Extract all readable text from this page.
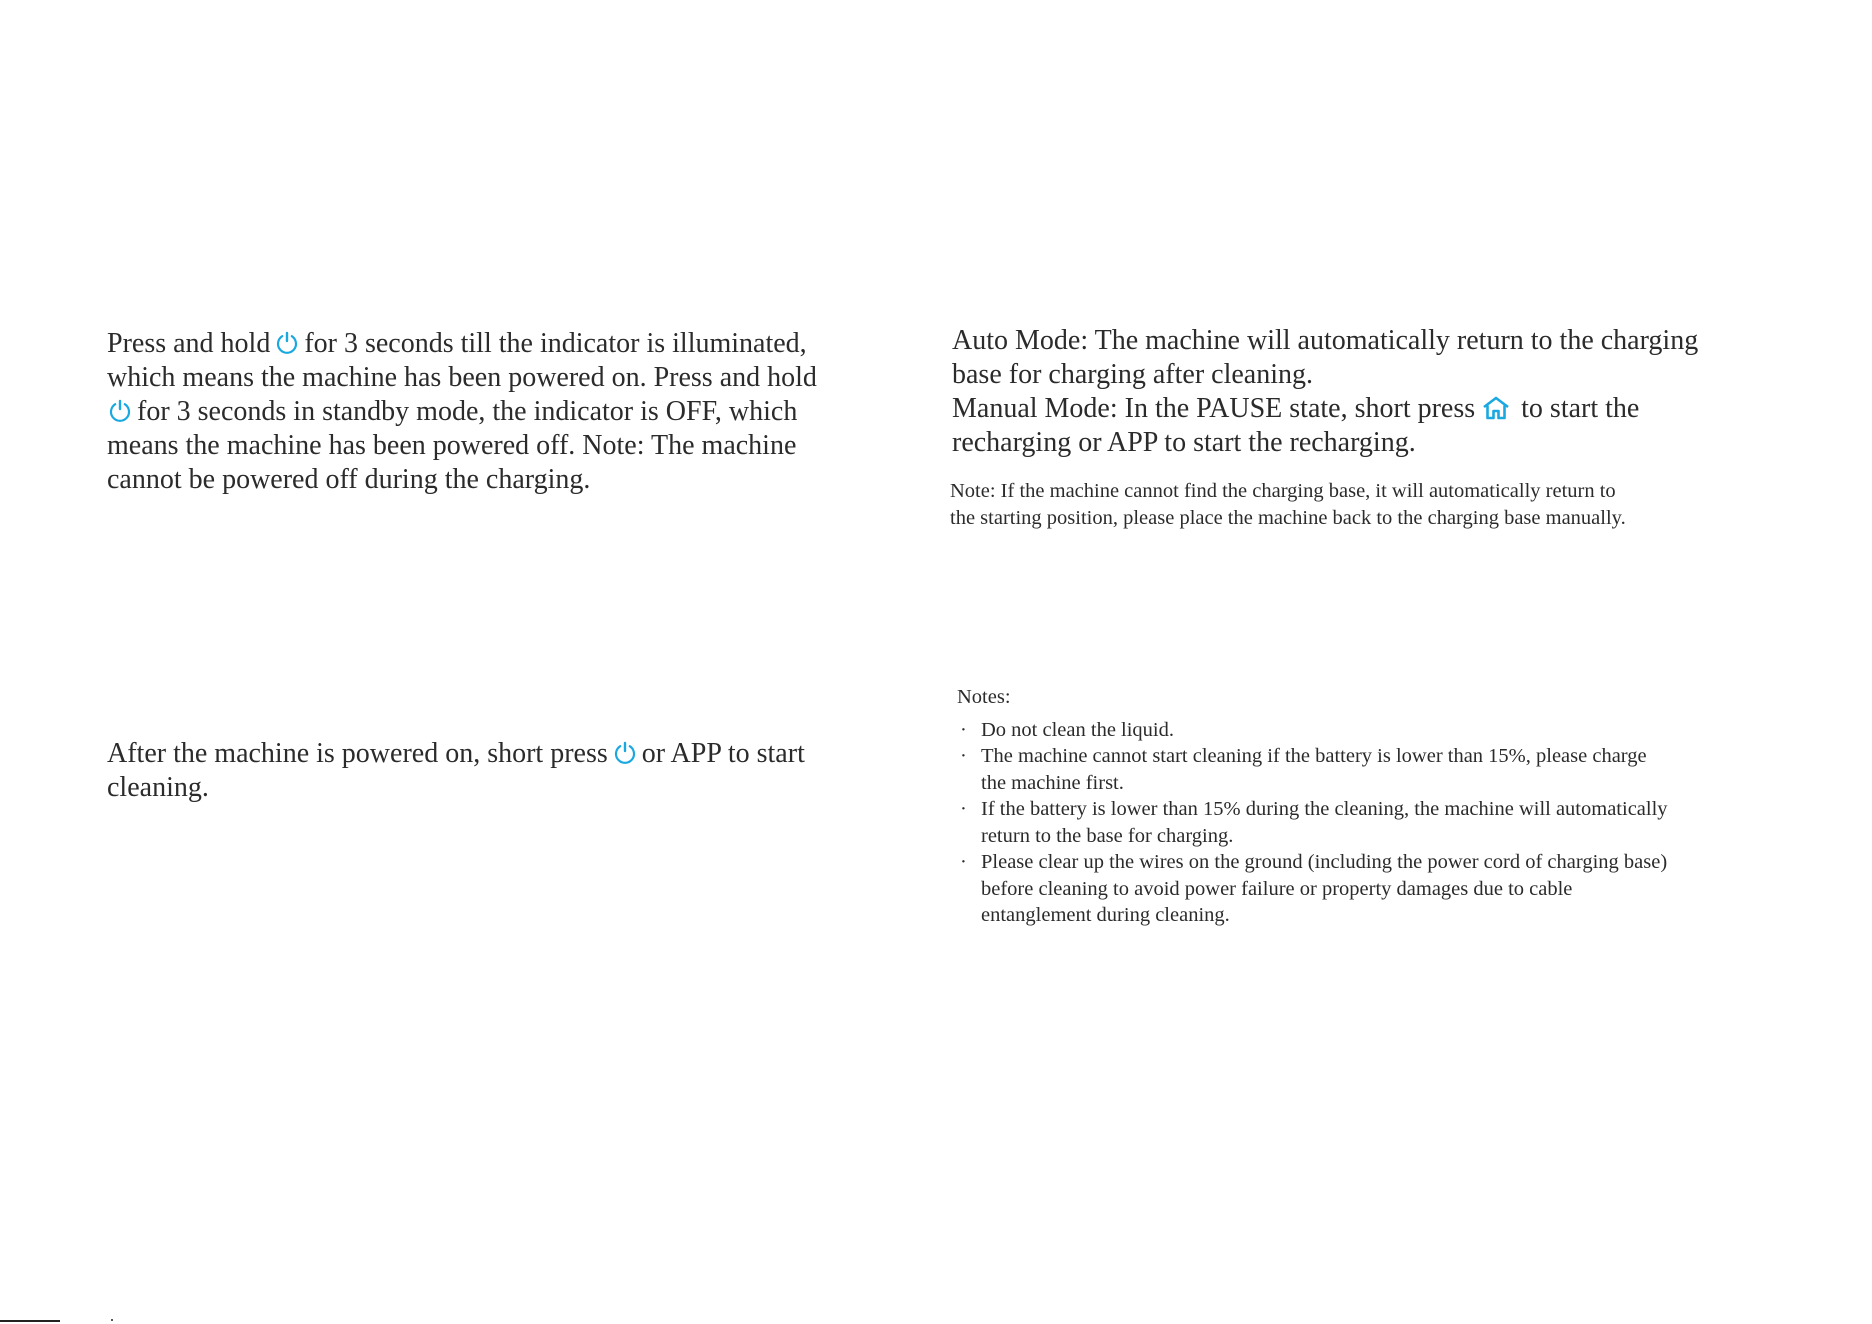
Press and hold for 3 seconds till the indicator is illuminated,
which means the machine has been powered on. Press and hold
for 3 seconds in standby mode, the indicator is OFF, which
means the machine has been powered off. Note: The machine
cannot be powered off during the charging.
After the machine is powered on, short press or APP to start
cleaning.
Auto Mode: The machine will automatically return to the charging
base for charging after cleaning.
Manual Mode: In the PAUSE state, short press to start the
recharging or APP to start the recharging.
Note: If the machine cannot find the charging base, it will automatically return to
the starting position, please place the machine back to the charging base manually.
Notes:
· Do not clean the liquid.
· The machine cannot start cleaning if the battery is lower than 15%, please charge
the machine first.
· If the battery is lower than 15% during the cleaning, the machine will automatically
return to the base for charging.
· Please clear up the wires on the ground (including the power cord of charging base)
before cleaning to avoid power failure or property damages due to cable
entanglement during cleaning.
